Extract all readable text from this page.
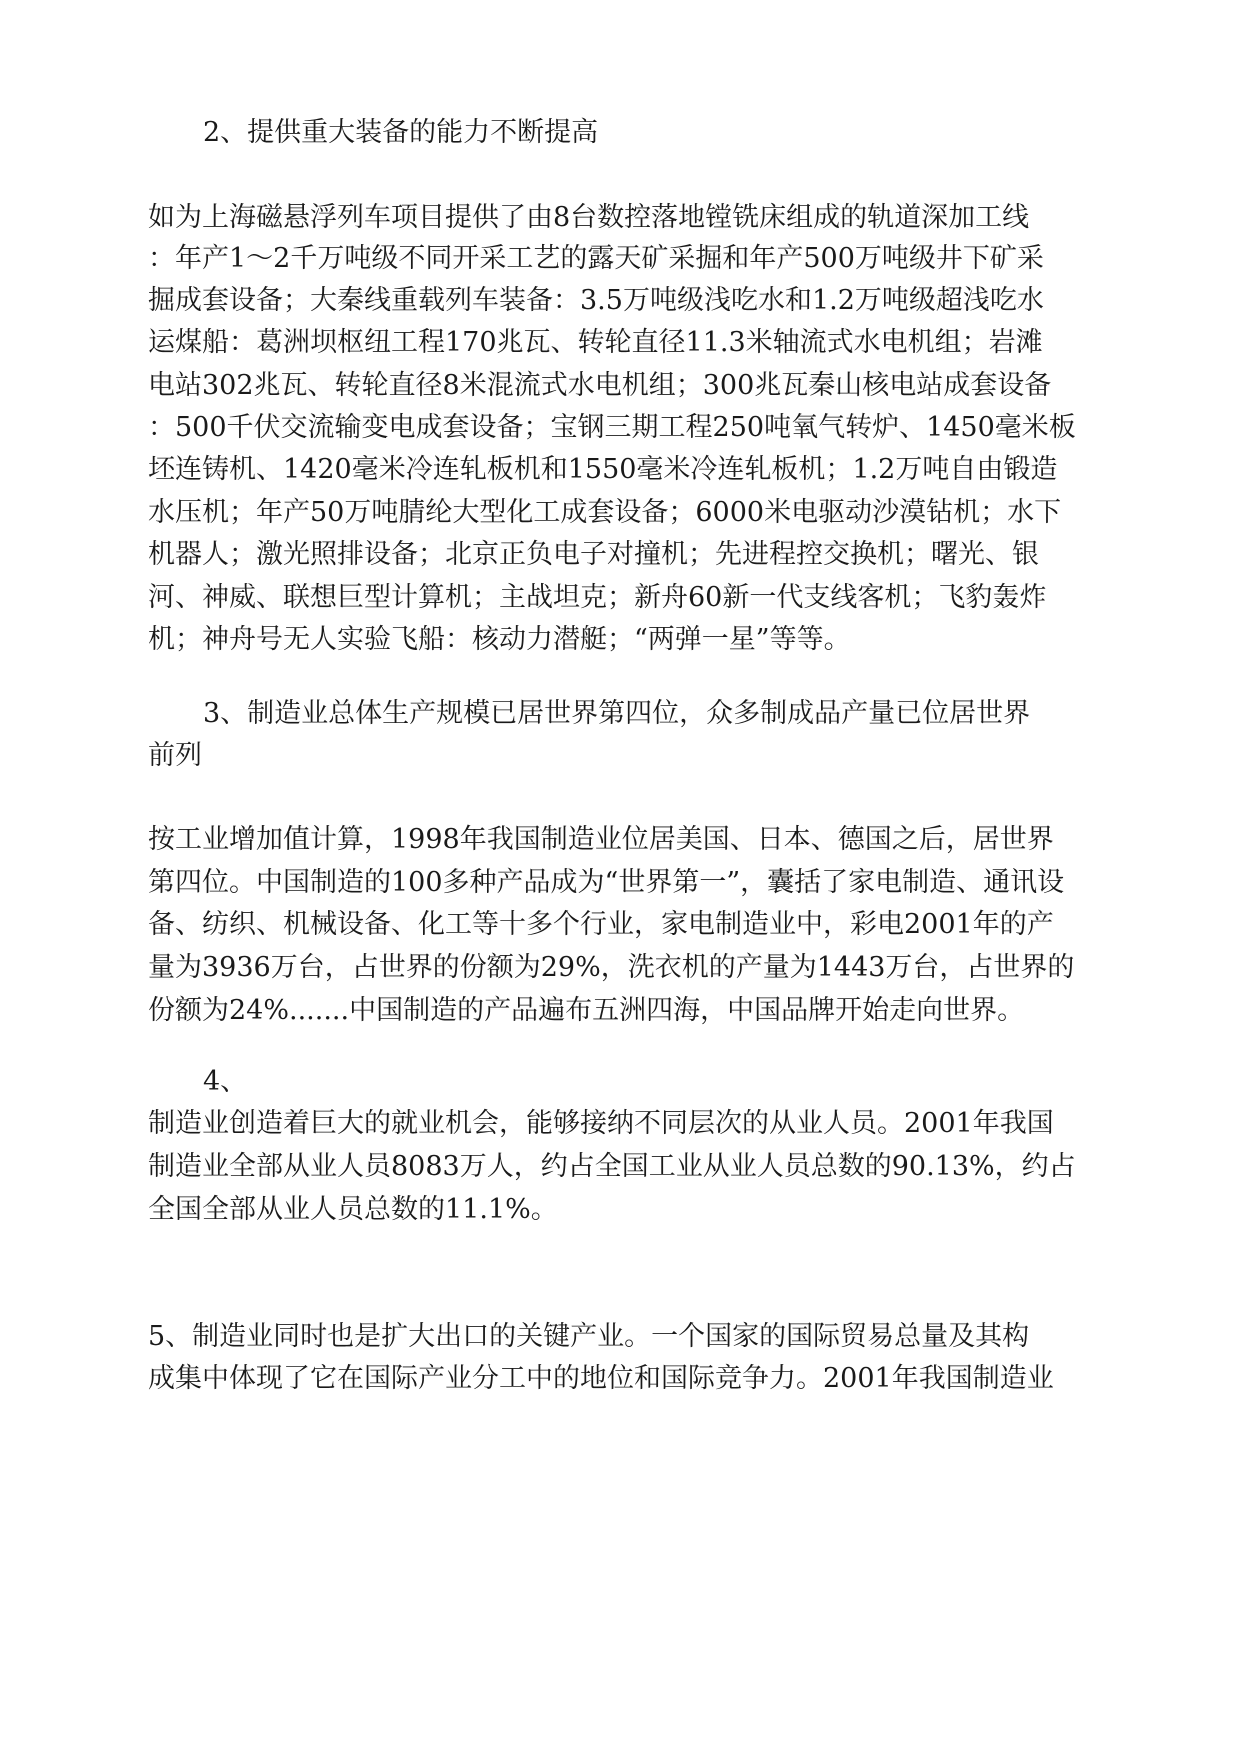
2、提供重大装备的能力不断提高
如为上海磁悬浮列车项目提供了由8台数控落地镗铣床组成的轨道深加工线
：年产1～2千万吨级不同开采工艺的露天矿采掘和年产500万吨级井下矿采
掘成套设备；大秦线重载列车装备：3.5万吨级浅吃水和1.2万吨级超浅吃水
运煤船：葛洲坝枢纽工程170兆瓦、转轮直径11.3米轴流式水电机组；岩滩
电站302兆瓦、转轮直径8米混流式水电机组；300兆瓦秦山核电站成套设备
：500千伏交流输变电成套设备；宝钢三期工程250吨氧气转炉、1450毫米板
坯连铸机、1420毫米冷连轧板机和1550毫米冷连轧板机；1.2万吨自由锻造
水压机；年产50万吨腈纶大型化工成套设备；6000米电驱动沙漠钻机；水下
机器人；激光照排设备；北京正负电子对撞机；先进程控交换机；曙光、银
河、神威、联想巨型计算机；主战坦克；新舟60新一代支线客机；飞豹轰炸
机；神舟号无人实验飞船：核动力潜艇；“两弹一星”等等。
3、制造业总体生产规模已居世界第四位，众多制成品产量已位居世界
前列
按工业增加值计算，1998年我国制造业位居美国、日本、德国之后，居世界
第四位。中国制造的100多种产品成为“世界第一”，囊括了家电制造、通讯设
备、纺织、机械设备、化工等十多个行业，家电制造业中，彩电2001年的产
量为3936万台，占世界的份额为29%，洗衣机的产量为1443万台，占世界的
份额为24%.......中国制造的产品遍布五洲四海，中国品牌开始走向世界。
4、
制造业创造着巨大的就业机会，能够接纳不同层次的从业人员。2001年我国
制造业全部从业人员8083万人，约占全国工业从业人员总数的90.13%，约占
全国全部从业人员总数的11.1%。
5、制造业同时也是扩大出口的关键产业。一个国家的国际贸易总量及其构
成集中体现了它在国际产业分工中的地位和国际竞争力。2001年我国制造业
